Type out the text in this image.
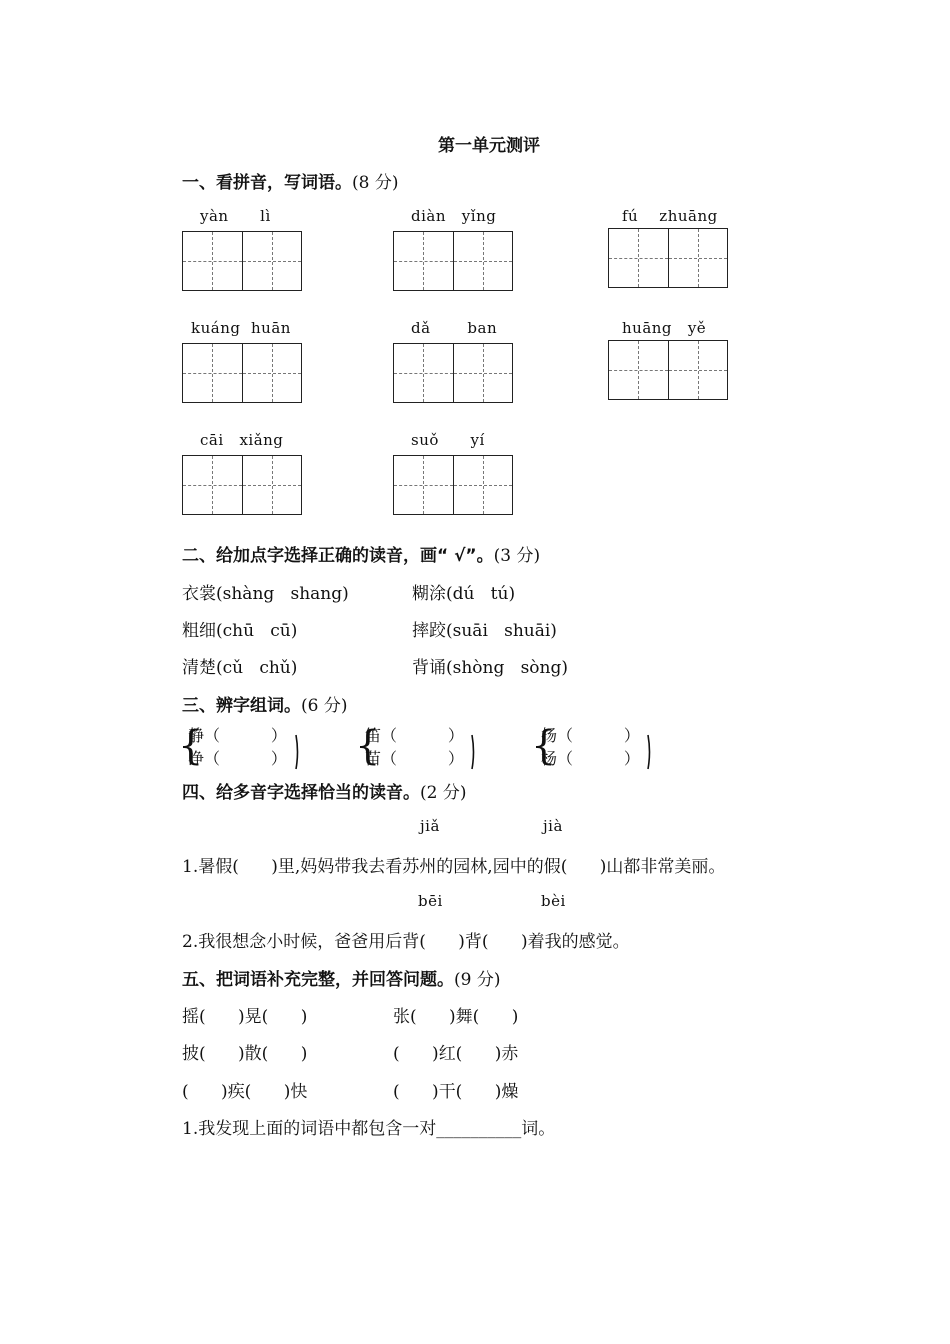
第一单元测评
一、看拼音，写词语。(8 分)
yàn      lì	diàn   yǐng	fú    zhuāng
kuáng  huān	dǎ       ban	huāng   yě
cāi   xiǎng	suǒ      yí
二、给加点字选择正确的读音，画“ √”。(3 分)
衣裳(shàng   shang)	糊涂(dú   tú)
粗细(chū   cū)	摔跤(suāi   shuāi)
清楚(cǔ   chǔ)	背诵(shòng   sòng)
三、辨字组词。(6 分)
{
静（          ）
净（          ） {
笛（          ）
苗（          ） {
扬（          ）
杨（          ）
四、给多音字选择恰当的读音。(2 分)
jiǎ	jià
1.暑假(      )里,妈妈带我去看苏州的园林,园中的假(      )山都非常美丽。
bēi	bèi
2.我很想念小时候，爸爸用后背(      )背(      )着我的感觉。
五、把词语补充完整，并回答问题。(9 分)
摇(      )晃(      )	张(      )舞(      )
披(      )散(      )	(      )红(      )赤
(      )疾(      )快	(      )干(      )燥
1.我发现上面的词语中都包含一对__________词。
